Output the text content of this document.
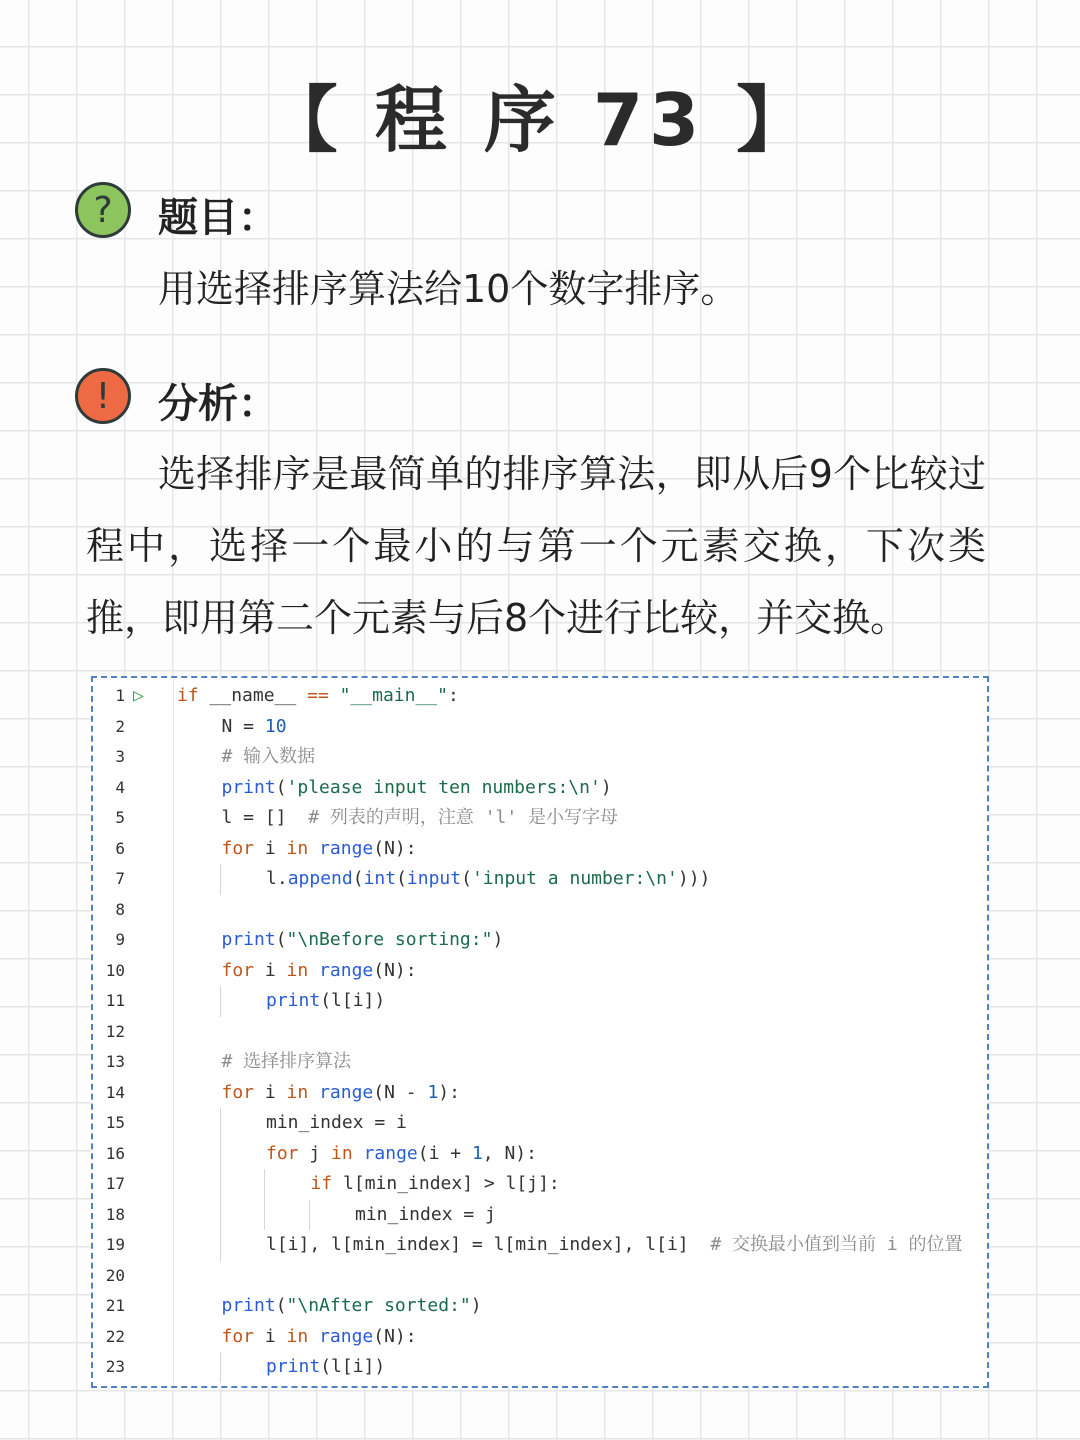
【 程 序 73 】
?	题目：
用选择排序算法给10个数字排序。
!	分析：
选择排序是最简单的排序算法，即从后9个比较过程中，选择一个最小的与第一个元素交换，下次类推，即用第二个元素与后8个进行比较，并交换。
1 ▷ if __name__ == "__main__":
2	N = 10
3	# 输入数据
4	print('please input ten numbers:\n')
5	l = []  # 列表的声明，注意 'l' 是小写字母
6	for i in range(N):
7	l.append(int(input('input a number:\n')))
8
9	print("\nBefore sorting:")
10	for i in range(N):
11	print(l[i])
12
13	# 选择排序算法
14	for i in range(N - 1):
15	min_index = i
16	for j in range(i + 1, N):
17	if l[min_index] > l[j]:
18	min_index = j
19	l[i], l[min_index] = l[min_index], l[i]  # 交换最小值到当前 i 的位置
20
21	print("\nAfter sorted:")
22	for i in range(N):
23	print(l[i])
